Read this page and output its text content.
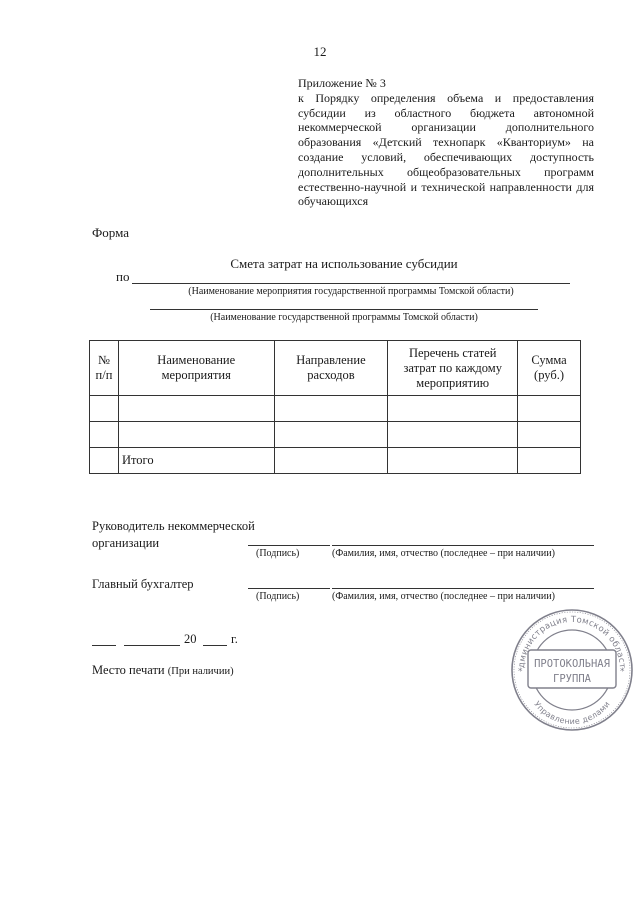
12
Приложение № 3
к Порядку определения объема и предоставления субсидии из областного бюджета автономной некоммерческой организации дополнительного образования «Детский технопарк «Кванториум» на создание условий, обеспечивающих доступность дополнительных общеобразовательных программ естественно-научной и технической направленности для обучающихся
Форма
Смета затрат на использование субсидии
по
(Наименование мероприятия государственной программы Томской области)
(Наименование государственной программы Томской области)
№ п/п	Наименование мероприятия	Направление расходов	Перечень статей затрат по каждому мероприятию	Сумма (руб.)

	Итого			
Руководитель некоммерческой
организации
(Подпись)	(Фамилия, имя, отчество (последнее – при наличии)
Главный бухгалтер
(Подпись)	(Фамилия, имя, отчество (последнее – при наличии)
20	г.
Место печати (При наличии)
дминистрация Томской област
Управление делами
ПРОТОКОЛЬНАЯ
ГРУППА
*	*
